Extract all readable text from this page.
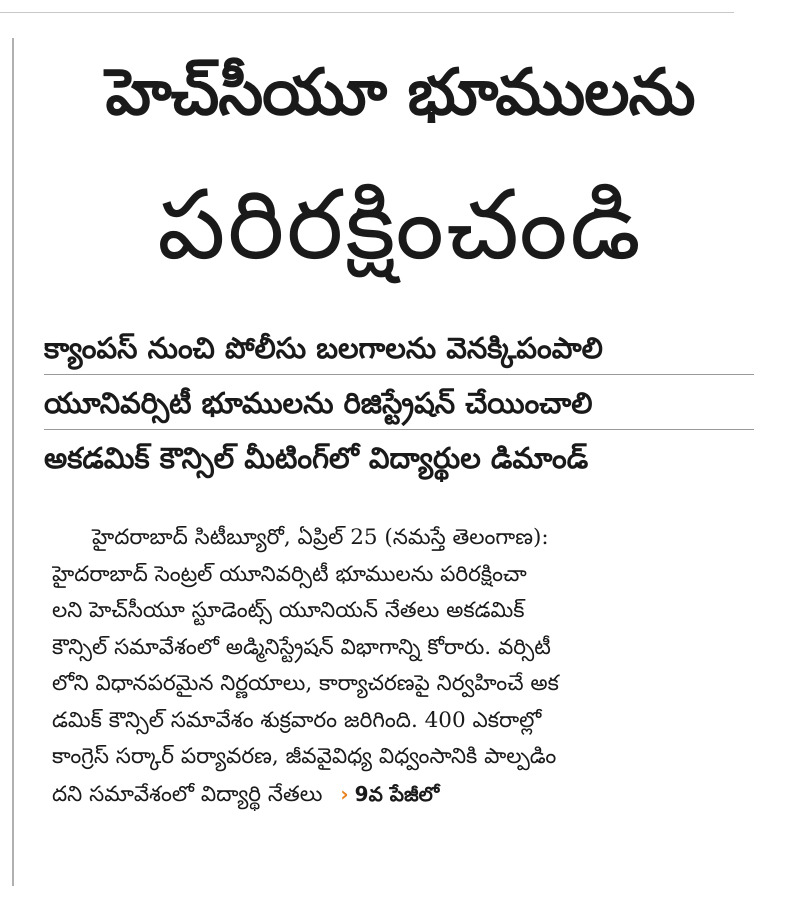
హెచ్‌సీయూ భూములను
పరిరక్షించండి
క్యాంపస్ నుంచి పోలీసు బలగాలను వెనక్కిపంపాలి
యూనివర్సిటీ భూములను రిజిస్ట్రేషన్ చేయించాలి
అకడమిక్ కౌన్సిల్ మీటింగ్‌లో విద్యార్థుల డిమాండ్
హైదరాబాద్ సిటీబ్యూరో, ఏప్రిల్ 25 (నమస్తే తెలంగాణ):
హైదరాబాద్ సెంట్రల్ యూనివర్సిటీ భూములను పరిరక్షించా
లని హెచ్‌సీయూ స్టూడెంట్స్ యూనియన్ నేతలు అకడమిక్
కౌన్సిల్ సమావేశంలో అడ్మినిస్ట్రేషన్ విభాగాన్ని కోరారు. వర్సిటీ
లోని విధానపరమైన నిర్ణయాలు, కార్యాచరణపై నిర్వహించే అక
డమిక్ కౌన్సిల్ సమావేశం శుక్రవారం జరిగింది. 400 ఎకరాల్లో
కాంగ్రెస్ సర్కార్ పర్యావరణ, జీవవైవిధ్య విధ్వంసానికి పాల్పడిం
దని సమావేశంలో విద్యార్థి నేతలు › 9వ పేజీలో
